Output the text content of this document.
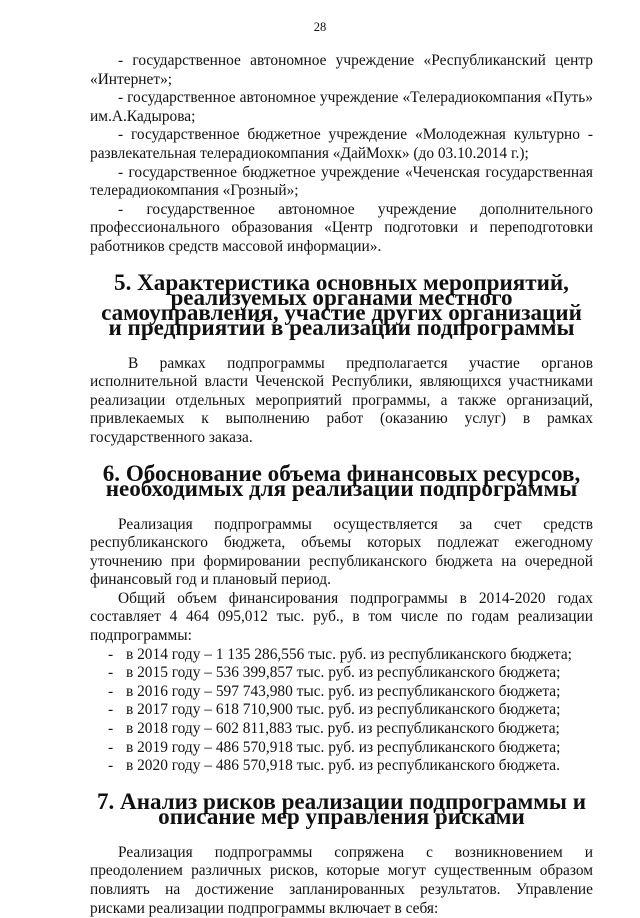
28

- государственное автономное учреждение «Республиканский центр «Интернет»;

- государственное автономное учреждение «Телерадиокомпания «Путь» им.А.Кадырова;

- государственное бюджетное учреждение «Молодежная культурно - развлекательная телерадиокомпания «ДайМохк» (до 03.10.2014 г.);

- государственное бюджетное учреждение «Чеченская государственная телерадиокомпания «Грозный»;

- государственное автономное учреждение дополнительного профессионального образования «Центр подготовки и переподготовки работников средств массовой информации».

5. Характеристика основных мероприятий, реализуемых органами местного самоуправления, участие других организаций и предприятий в реализации подпрограммы

В рамках подпрограммы предполагается участие органов исполнительной власти Чеченской Республики, являющихся участниками реализации отдельных мероприятий программы, а также организаций, привлекаемых к выполнению работ (оказанию услуг) в рамках государственного заказа.

6. Обоснование объема финансовых ресурсов, необходимых для реализации подпрограммы

Реализация подпрограммы осуществляется за счет средств республиканского бюджета, объемы которых подлежат ежегодному уточнению при формировании республиканского бюджета на очередной финансовый год и плановый период.

Общий объем финансирования подпрограммы в 2014-2020 годах составляет 4 464 095,012 тыс. руб., в том числе по годам реализации подпрограммы:

- в 2014 году – 1 135 286,556 тыс. руб. из республиканского бюджета;
- в 2015 году – 536 399,857 тыс. руб. из республиканского бюджета;
- в 2016 году – 597 743,980 тыс. руб. из республиканского бюджета;
- в 2017 году – 618 710,900 тыс. руб. из республиканского бюджета;
- в 2018 году – 602 811,883 тыс. руб. из республиканского бюджета;
- в 2019 году – 486 570,918 тыс. руб. из республиканского бюджета;
- в 2020 году – 486 570,918 тыс. руб. из республиканского бюджета.
7. Анализ рисков реализации подпрограммы и описание мер управления рисками

Реализация подпрограммы сопряжена с возникновением и преодолением различных рисков, которые могут существенным образом повлиять на достижение запланированных результатов. Управление рисками реализации подпрограммы включает в себя:
